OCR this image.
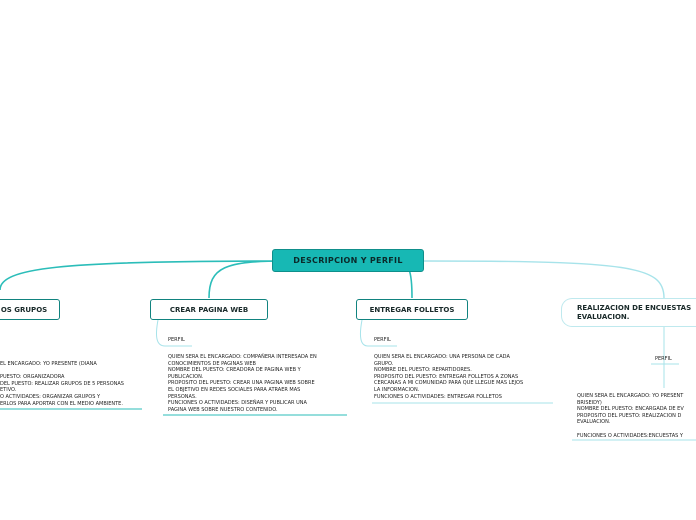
DESCRIPCION Y PERFIL
OS GRUPOS
EL ENCARGADO: YO PRESENTE (DIANA

PUESTO: ORGANIZADORA
DEL PUESTO: REALIZAR GRUPOS DE 5 PERSONAS
ETIVO.
O ACTIVIDADES: ORGANIZAR GRUPOS Y
ERLOS PARA APORTAR CON EL MEDIO AMBIENTE.
CREAR PAGINA WEB
PERFIL
QUIEN SERA EL ENCARGADO: COMPAÑERA INTERESADA EN
CONOCIMIENTOS DE PAGINAS WEB
NOMBRE DEL PUESTO: CREADORA DE PAGINA WEB Y
PUBLICACION.
PROPOSITO DEL PUESTO: CREAR UNA PAGINA WEB SOBRE
EL OBJETIVO EN REDES SOCIALES PARA ATRAER MAS
PERSONAS.
FUNCIONES O ACTIVIDADES: DISEÑAR Y PUBLICAR UNA
PAGINA WEB SOBRE NUESTRO CONTENIDO.
ENTREGAR FOLLETOS
PERFIL
QUIEN SERA EL ENCARGADO: UNA PERSONA DE CADA
GRUPO.
NOMBRE DEL PUESTO: REPARTIDORES.
PROPOSITO DEL PUESTO: ENTREGAR FOLLETOS A ZONAS
CERCANAS A MI COMUNIDAD PARA QUE LLEGUE MAS LEJOS
LA INFORMACION.
FUNCIONES O ACTIVIDADES: ENTREGAR FOLLETOS
REALIZACION DE ENCUESTAS
EVALUACION.
PERFIL
QUIEN SERA EL ENCARGADO: YO PRESENT
BRISEIDY)
NOMBRE DEL PUESTO: ENCARGADA DE EV
PROPOSITO DEL PUESTO: REALIZACION D
EVALUACION.

FUNCIONES O ACTIVIDADES:ENCUESTAS Y
